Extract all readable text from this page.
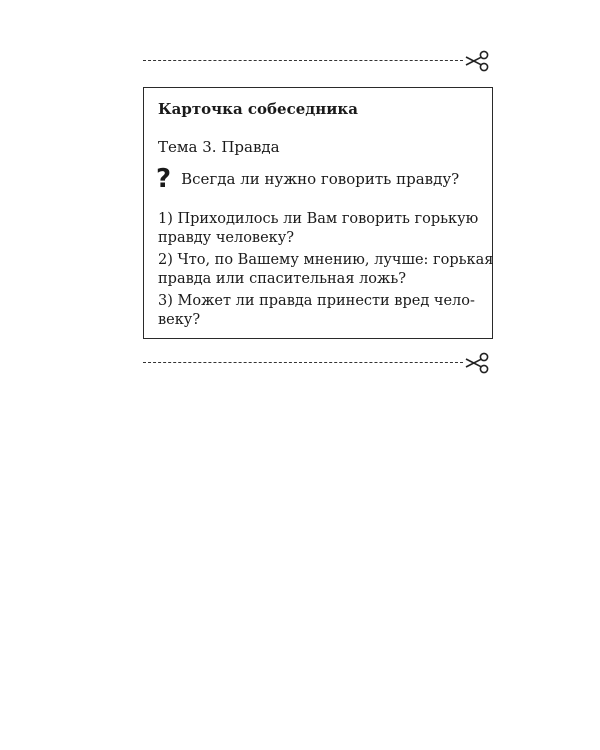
Карточка собеседника
Тема 3. Правда
? Всегда ли нужно говорить правду?
1) Приходилось ли Вам говорить горькую
правду человеку?
2) Что, по Вашему мнению, лучше: горькая
правда или спасительная ложь?
3) Может ли правда принести вред чело-
веку?
